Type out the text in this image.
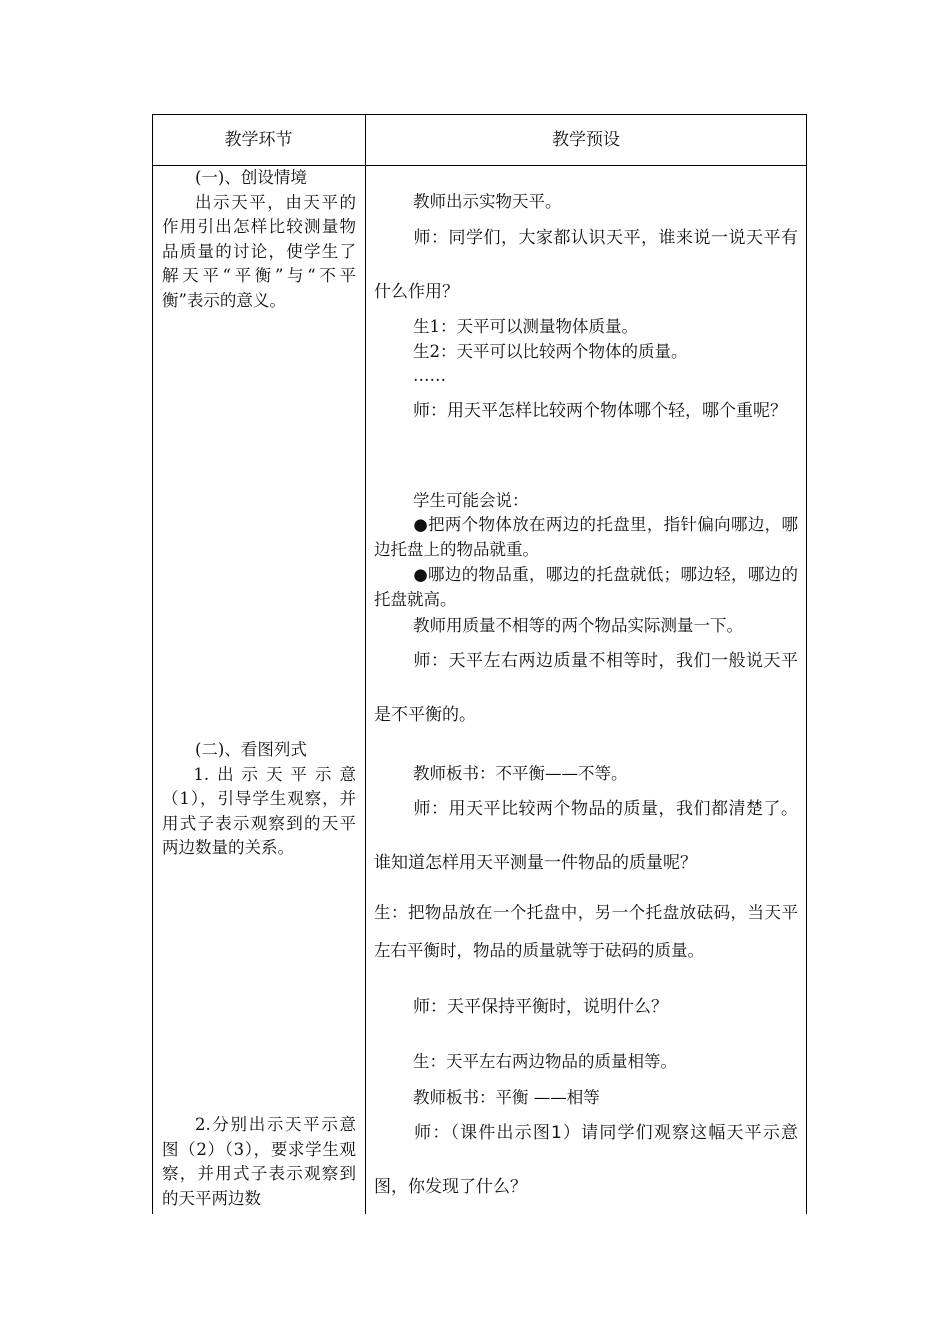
教学环节	教学预设

(一)、创设情境

出示天平，由天平的作用引出怎样比较测量物品质量的讨论，使学生了解天平“平衡”与“不平衡”表示的意义。

(二)、看图列式

1.出示天平示意（1），引导学生观察，并用式子表示观察到的天平两边数量的关系。

2.分别出示天平示意图（2）（3），要求学生观察，并用式子表示观察到的天平两边数

教师出示实物天平。

师：同学们，大家都认识天平，谁来说一说天平有什么作用？

生1：天平可以测量物体质量。

生2：天平可以比较两个物体的质量。

……

师：用天平怎样比较两个物体哪个轻，哪个重呢？

学生可能会说：

●把两个物体放在两边的托盘里，指针偏向哪边，哪边托盘上的物品就重。

●哪边的物品重，哪边的托盘就低；哪边轻，哪边的托盘就高。

教师用质量不相等的两个物品实际测量一下。

师：天平左右两边质量不相等时，我们一般说天平是不平衡的。

教师板书：不平衡——不等。

师：用天平比较两个物品的质量，我们都清楚了。谁知道怎样用天平测量一件物品的质量呢？

生：把物品放在一个托盘中，另一个托盘放砝码，当天平左右平衡时，物品的质量就等于砝码的质量。

师：天平保持平衡时，说明什么？

生：天平左右两边物品的质量相等。

教师板书：平衡 ——相等

师：（课件出示图1）请同学们观察这幅天平示意图，你发现了什么？
